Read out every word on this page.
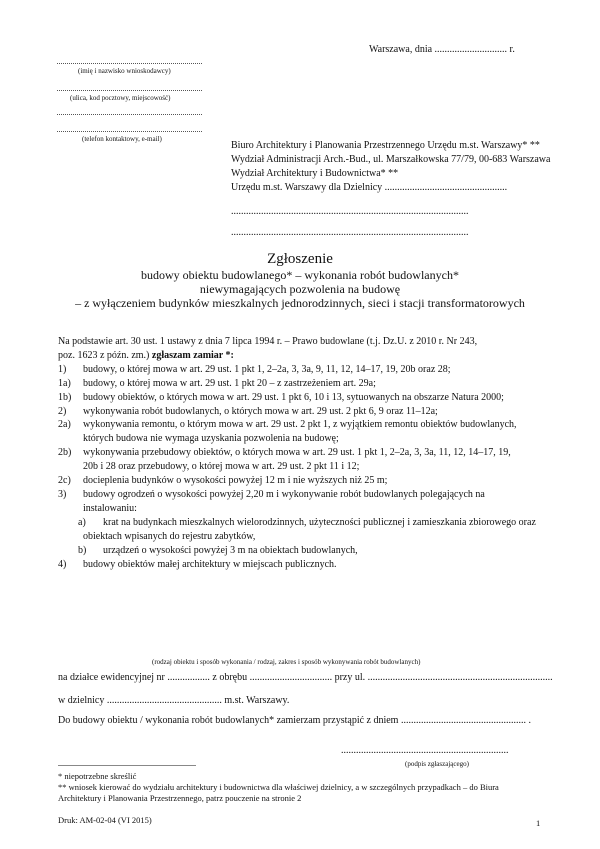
Warszawa, dnia ............................. r.
(imię i nazwisko wnioskodawcy)
(ulica, kod pocztowy, miejscowość)
(telefon kontaktowy, e-mail)
Biuro Architektury i Planowania Przestrzennego Urzędu m.st. Warszawy* **
Wydział Administracji Arch.-Bud., ul. Marszałkowska 77/79, 00-683 Warszawa
Wydział Architektury i Budownictwa* **
Urzędu m.st. Warszawy dla Dzielnicy .................................................
...............................................................................................
...............................................................................................
Zgłoszenie
budowy obiektu budowlanego* – wykonania robót budowlanych*
niewymagających pozwolenia na budowę
– z wyłączeniem budynków mieszkalnych jednorodzinnych, sieci i stacji transformatorowych
Na podstawie art. 30 ust. 1 ustawy z dnia 7 lipca 1994 r. – Prawo budowlane (t.j. Dz.U. z 2010 r. Nr 243,
poz. 1623 z późn. zm.) zgłaszam zamiar *:
1)	budowy, o której mowa w art. 29 ust. 1 pkt 1, 2–2a, 3, 3a, 9, 11, 12, 14–17, 19, 20b oraz 28;
1a)	budowy, o której mowa w art. 29 ust. 1 pkt 20 – z zastrzeżeniem art. 29a;
1b)	budowy obiektów, o których mowa w art. 29 ust. 1 pkt 6, 10 i 13, sytuowanych na obszarze Natura 2000;
2)	wykonywania robót budowlanych, o których mowa w art. 29 ust. 2 pkt 6, 9 oraz 11–12a;
2a)	wykonywania remontu, o którym mowa w art. 29 ust. 2 pkt 1, z wyjątkiem remontu obiektów budowlanych,
których budowa nie wymaga uzyskania pozwolenia na budowę;
2b)	wykonywania przebudowy obiektów, o których mowa w art. 29 ust. 1 pkt 1, 2–2a, 3, 3a, 11, 12, 14–17, 19,
20b i 28 oraz przebudowy, o której mowa w art. 29 ust. 2 pkt 11 i 12;
2c)	docieplenia budynków o wysokości powyżej 12 m i nie wyższych niż 25 m;
3)	budowy ogrodzeń o wysokości powyżej 2,20 m i wykonywanie robót budowlanych polegających na
instalowaniu:
a)	krat na budynkach mieszkalnych wielorodzinnych, użyteczności publicznej i zamieszkania zbiorowego oraz
obiektach wpisanych do rejestru zabytków,
b)	urządzeń o wysokości powyżej 3 m na obiektach budowlanych,
4)	budowy obiektów małej architektury w miejscach publicznych.
(rodzaj obiektu i sposób wykonania / rodzaj, zakres i sposób wykonywania robót budowlanych)
na działce ewidencyjnej nr ................. z obrębu ................................. przy ul. ..........................................................................
w dzielnicy .............................................. m.st. Warszawy.
Do budowy obiektu / wykonania robót budowlanych* zamierzam przystąpić z dniem .................................................. .
...................................................................
(podpis zgłaszającego)
* niepotrzebne skreślić
** wniosek kierować do wydziału architektury i budownictwa dla właściwej dzielnicy, a w szczególnych przypadkach – do Biura
Architektury i Planowania Przestrzennego, patrz pouczenie na stronie 2
Druk: AM-02-04 (VI 2015)	1
